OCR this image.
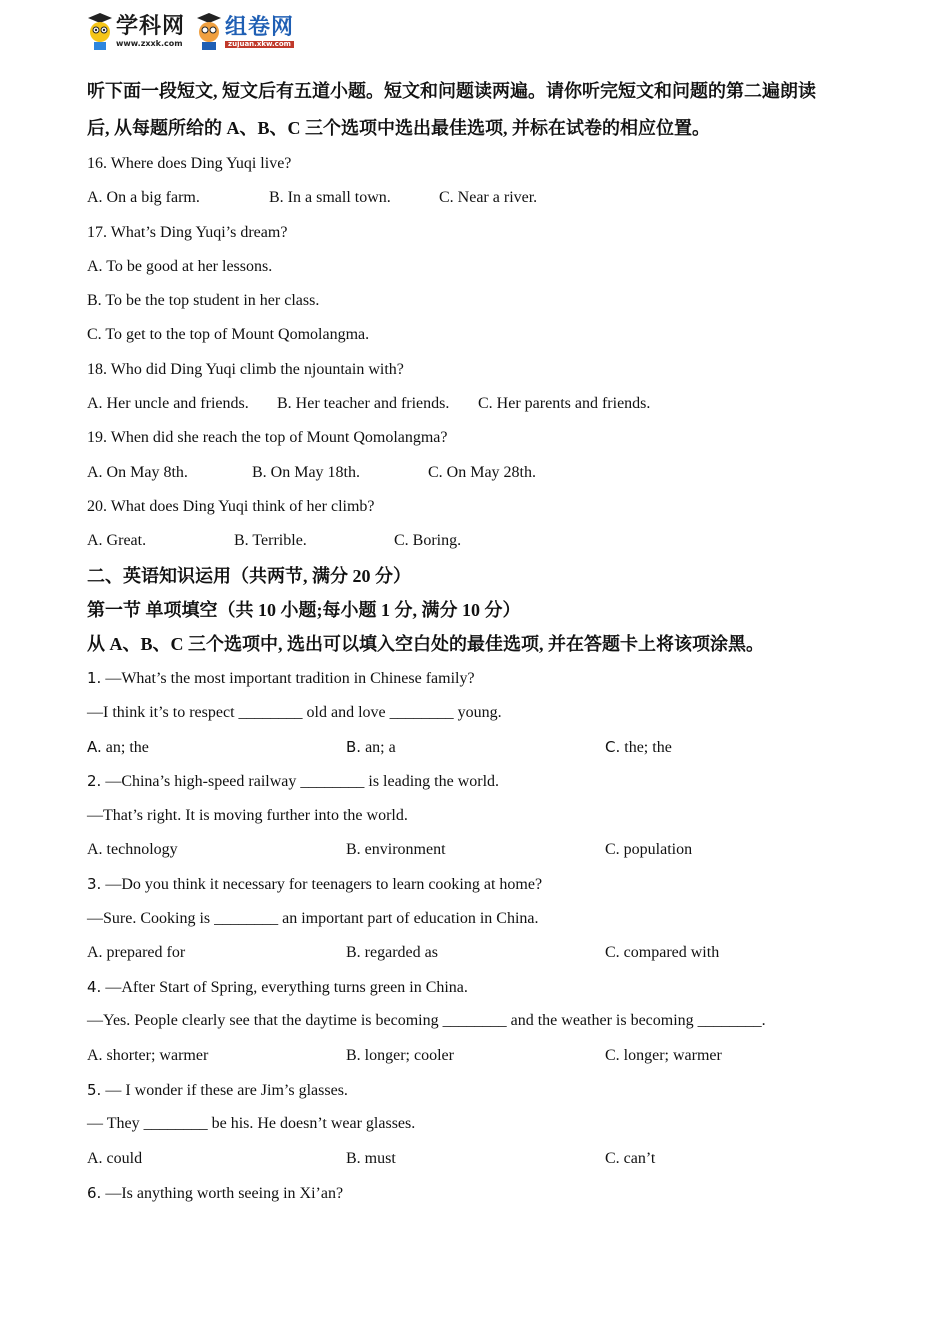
学科网
www.zxxk.com
组卷网
zujuan.xkw.com
听下面一段短文, 短文后有五道小题。短文和问题读两遍。请你听完短文和问题的第二遍朗读
后, 从每题所给的 A、B、C 三个选项中选出最佳选项, 并标在试卷的相应位置。
16. Where does Ding Yuqi live?
A. On a big farm.	B. In a small town.	C. Near a river.
17. What’s Ding Yuqi’s dream?
A. To be good at her lessons.
B. To be the top student in her class.
C. To get to the top of Mount Qomolangma.
18. Who did Ding Yuqi climb the njountain with?
A. Her uncle and friends.	B. Her teacher and friends.	C. Her parents and friends.
19. When did she reach the top of Mount Qomolangma?
A. On May 8th.	B. On May 18th.	C. On May 28th.
20. What does Ding Yuqi think of her climb?
A. Great.	B. Terrible.	C. Boring.
二、英语知识运用（共两节, 满分 20 分）
第一节 单项填空（共 10 小题;每小题 1 分, 满分 10 分）
从 A、B、C 三个选项中, 选出可以填入空白处的最佳选项, 并在答题卡上将该项涂黑。
1. —What’s the most important tradition in Chinese family?
—I think it’s to respect ________ old and love ________ young.
A. an; the	B. an; a	C. the; the
2. —China’s high-speed railway ________ is leading the world.
—That’s right. It is moving further into the world.
A. technology	B. environment	C. population
3. —Do you think it necessary for teenagers to learn cooking at home?
—Sure. Cooking is ________ an important part of education in China.
A. prepared for	B. regarded as	C. compared with
4. —After Start of Spring, everything turns green in China.
—Yes. People clearly see that the daytime is becoming ________ and the weather is becoming ________.
A. shorter; warmer	B. longer; cooler	C. longer; warmer
5. — I wonder if these are Jim’s glasses.
— They ________ be his. He doesn’t wear glasses.
A. could	B. must	C. can’t
6. —Is anything worth seeing in Xi’an?
